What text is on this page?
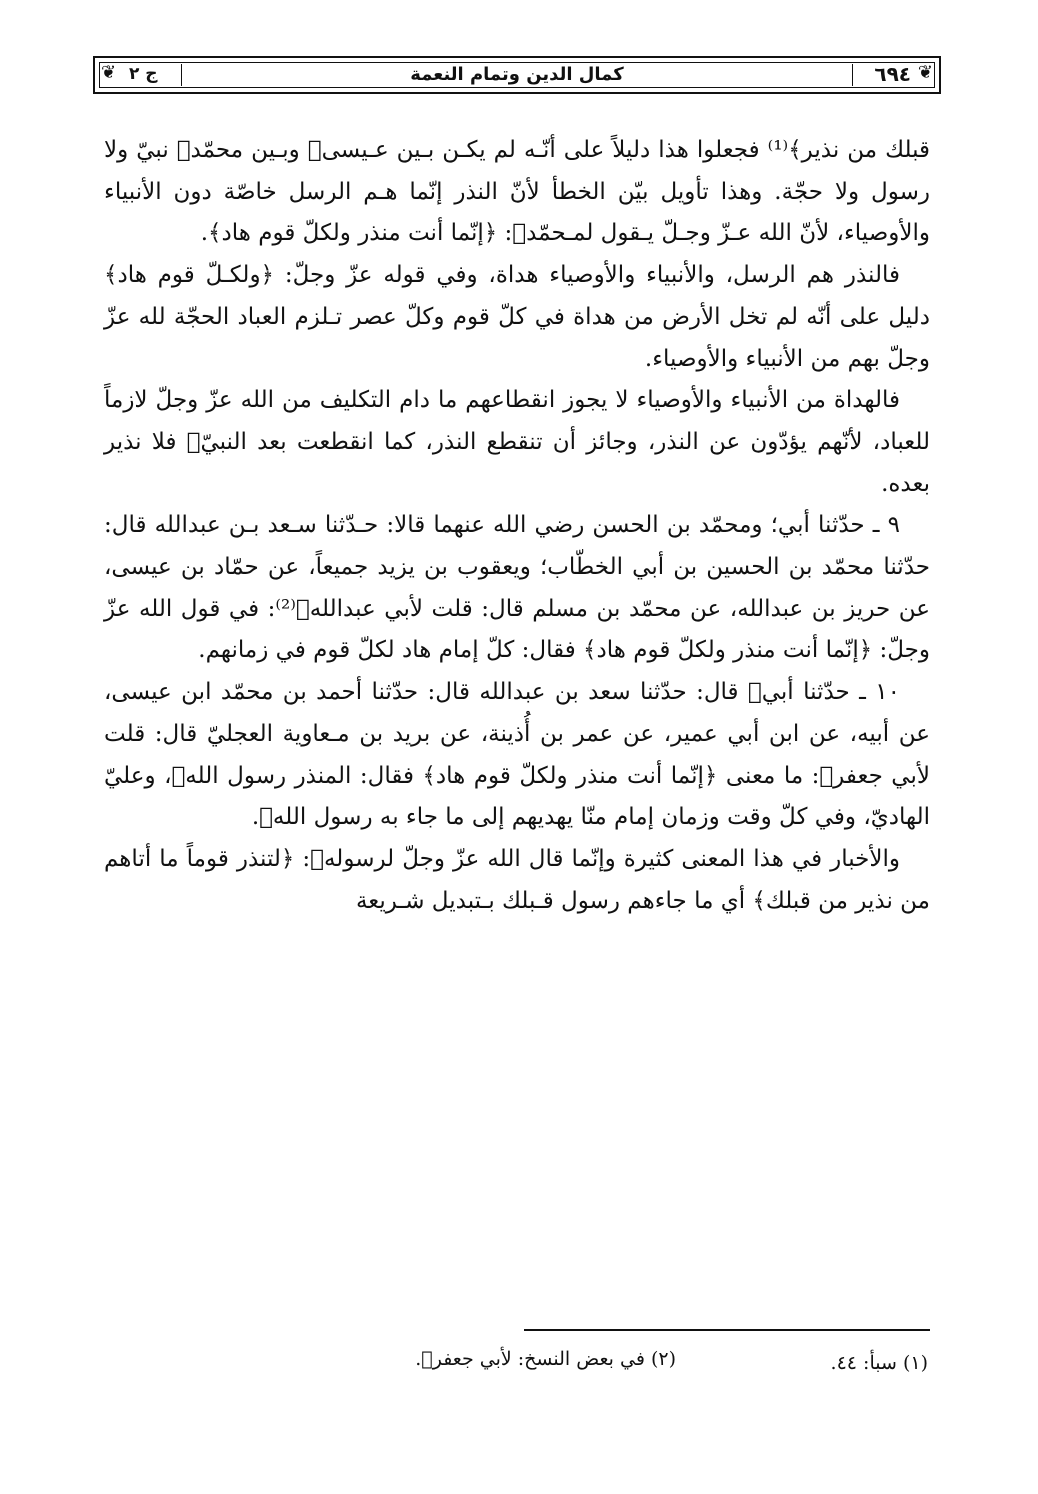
❦
٦٩٤
كمال الدين وتمام النعمة
ج ٢
❦

قبلك من نذير﴾⁽¹⁾ فجعلوا هذا دليلاً على أنّـه لم يكـن بـين عـيسى﷤ وبـين محمّد﷤ نبيّ ولا رسول ولا حجّة. وهذا تأويل بيّن الخطأ لأنّ النذر إنّما هـم الرسل خاصّة دون الأنبياء والأوصياء، لأنّ الله عـزّ وجـلّ يـقول لمـحمّد﷤: ﴿إنّما أنت منذر ولكلّ قوم هاد﴾.

فالنذر هم الرسل، والأنبياء والأوصياء هداة، وفي قوله عزّ وجلّ: ﴿ولكـلّ قوم هاد﴾ دليل على أنّه لم تخل الأرض من هداة في كلّ قوم وكلّ عصر تـلزم العباد الحجّة لله عزّ وجلّ بهم من الأنبياء والأوصياء.

فالهداة من الأنبياء والأوصياء لا يجوز انقطاعهم ما دام التكليف من الله عزّ وجلّ لازماً للعباد، لأنّهم يؤدّون عن النذر، وجائز أن تنقطع النذر، كما انقطعت بعد النبيّ﷤ فلا نذير بعده.

٩ ـ حدّثنا أبي؛ ومحمّد بن الحسن رضي الله عنهما قالا: حـدّثنا سـعد بـن عبدالله قال: حدّثنا محمّد بن الحسين بن أبي الخطّاب؛ ويعقوب بن يزيد جميعاً، عن حمّاد بن عيسى، عن حريز بن عبدالله، عن محمّد بن مسلم قال: قلت لأبي عبدالله﷤⁽²⁾: في قول الله عزّ وجلّ: ﴿إنّما أنت منذر ولكلّ قوم هاد﴾ فقال: كلّ إمام هاد لكلّ قوم في زمانهم.

١٠ ـ حدّثنا أبي﷤ قال: حدّثنا سعد بن عبدالله قال: حدّثنا أحمد بن محمّد ابن عيسى، عن أبيه، عن ابن أبي عمير، عن عمر بن أُذينة، عن بريد بن مـعاوية العجليّ قال: قلت لأبي جعفر﷤: ما معنى ﴿إنّما أنت منذر ولكلّ قوم هاد﴾ فقال: المنذر رسول الله﷤، وعليّ الهاديّ، وفي كلّ وقت وزمان إمام منّا يهديهم إلى ما جاء به رسول الله﷤.

والأخبار في هذا المعنى كثيرة وإنّما قال الله عزّ وجلّ لرسوله﷤: ﴿لتنذر قوماً ما أتاهم من نذير من قبلك﴾ أي ما جاءهم رسول قـبلك بـتبديل شـريعة

(١) سبأ: ٤٤.
(٢) في بعض النسخ: لأبي جعفر﷤.
